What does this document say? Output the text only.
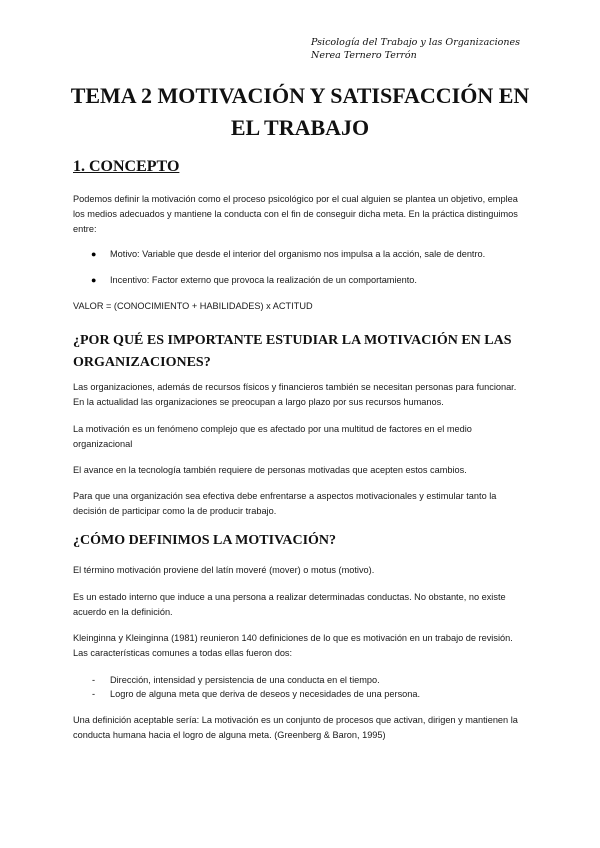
Psicología del Trabajo y las Organizaciones
Nerea Ternero Terrón
TEMA 2 MOTIVACIÓN Y SATISFACCIÓN EN EL TRABAJO
1. CONCEPTO

Podemos definir la motivación como el proceso psicológico por el cual alguien se plantea un objetivo, emplea los medios adecuados y mantiene la conducta con el fin de conseguir dicha meta. En la práctica distinguimos entre:

● Motivo: Variable que desde el interior del organismo nos impulsa a la acción, sale de dentro.

● Incentivo: Factor externo que provoca la realización de un comportamiento.

VALOR = (CONOCIMIENTO + HABILIDADES) x ACTITUD

¿POR QUÉ ES IMPORTANTE ESTUDIAR LA MOTIVACIÓN EN LAS ORGANIZACIONES?

Las organizaciones, además de recursos físicos y financieros también se necesitan personas para funcionar. En la actualidad las organizaciones se preocupan a largo plazo por sus recursos humanos.

La motivación es un fenómeno complejo que es afectado por una multitud de factores en el medio organizacional

El avance en la tecnología también requiere de personas motivadas que acepten estos cambios.

Para que una organización sea efectiva debe enfrentarse a aspectos motivacionales y estimular tanto la decisión de participar como la de producir trabajo.

¿CÓMO DEFINIMOS LA MOTIVACIÓN?

El término motivación proviene del latín moveré (mover) o motus (motivo).

Es un estado interno que induce a una persona a realizar determinadas conductas. No obstante, no existe acuerdo en la definición.

Kleinginna y Kleinginna (1981) reunieron 140 definiciones de lo que es motivación en un trabajo de revisión. Las características comunes a todas ellas fueron dos:

- Dirección, intensidad y persistencia de una conducta en el tiempo.

- Logro de alguna meta que deriva de deseos y necesidades de una persona.

Una definición aceptable sería: La motivación es un conjunto de procesos que activan, dirigen y mantienen la conducta humana hacia el logro de alguna meta. (Greenberg & Baron, 1995)
